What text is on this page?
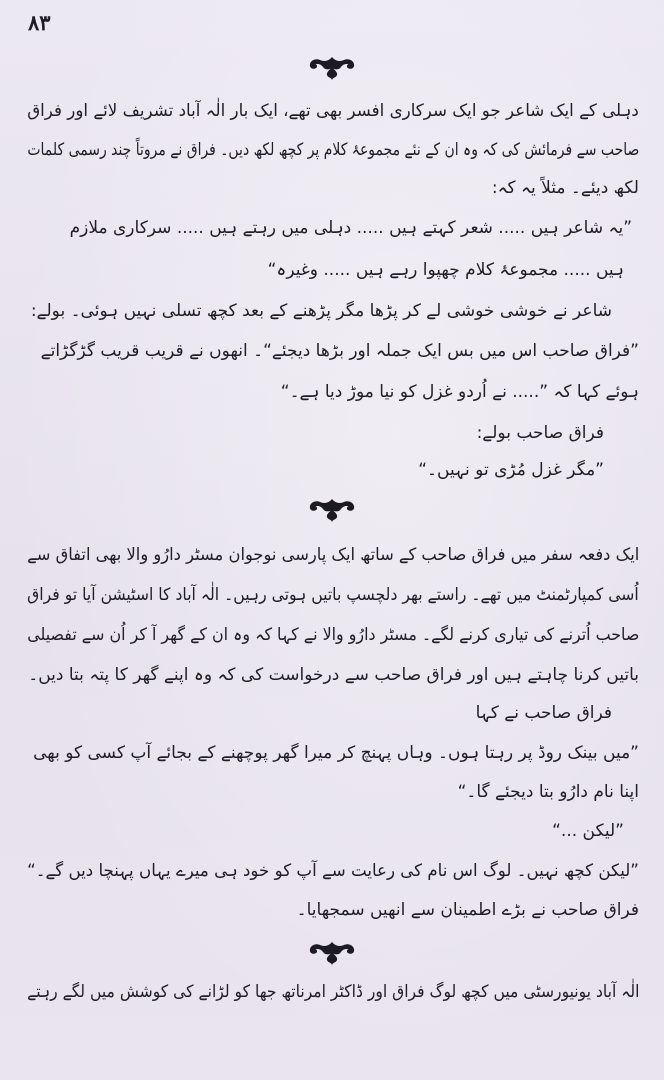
۸۳
دہلی کے ایک شاعر جو ایک سرکاری افسر بھی تھے، ایک بار الٰہ آباد تشریف لائے اور فراق
صاحب سے فرمائش کی کہ وہ ان کے نئے مجموعۂ کلام پر کچھ لکھ دیں۔ فراق نے مروتاً چند رسمی کلمات
لکھ دیئے۔ مثلاً یہ کہ:
”یہ شاعر ہیں ..... شعر کہتے ہیں ..... دہلی میں رہتے ہیں ..... سرکاری ملازم
ہیں ..... مجموعۂ کلام چھپوا رہے ہیں ..... وغیرہ“
شاعر نے خوشی خوشی لے کر پڑھا مگر پڑھنے کے بعد کچھ تسلی نہیں ہوئی۔ بولے:
”فراق صاحب اس میں بس ایک جملہ اور بڑھا دیجئے“۔ انھوں نے قریب قریب گڑگڑاتے
ہوئے کہا کہ ”..... نے اُردو غزل کو نیا موڑ دیا ہے۔“
فراق صاحب بولے:
”مگر غزل مُڑی تو نہیں۔“
ایک دفعہ سفر میں فراق صاحب کے ساتھ ایک پارسی نوجوان مسٹر دارُو والا بھی اتفاق سے
اُسی کمپارٹمنٹ میں تھے۔ راستے بھر دلچسپ باتیں ہوتی رہیں۔ الٰہ آباد کا اسٹیشن آیا تو فراق
صاحب اُترنے کی تیاری کرنے لگے۔ مسٹر دارُو والا نے کہا کہ وہ ان کے گھر آ کر اُن سے تفصیلی
باتیں کرنا چاہتے ہیں اور فراق صاحب سے درخواست کی کہ وہ اپنے گھر کا پتہ بتا دیں۔
فراق صاحب نے کہا
”میں بینک روڈ پر رہتا ہوں۔ وہاں پہنچ کر میرا گھر پوچھنے کے بجائے آپ کسی کو بھی
اپنا نام دارُو بتا دیجئے گا۔“
”لیکن ...“
”لیکن کچھ نہیں۔ لوگ اس نام کی رعایت سے آپ کو خود ہی میرے یہاں پہنچا دیں گے۔“
فراق صاحب نے بڑے اطمینان سے انھیں سمجھایا۔
الٰہ آباد یونیورسٹی میں کچھ لوگ فراق اور ڈاکٹر امرناتھ جھا کو لڑانے کی کوشش میں لگے رہتے
